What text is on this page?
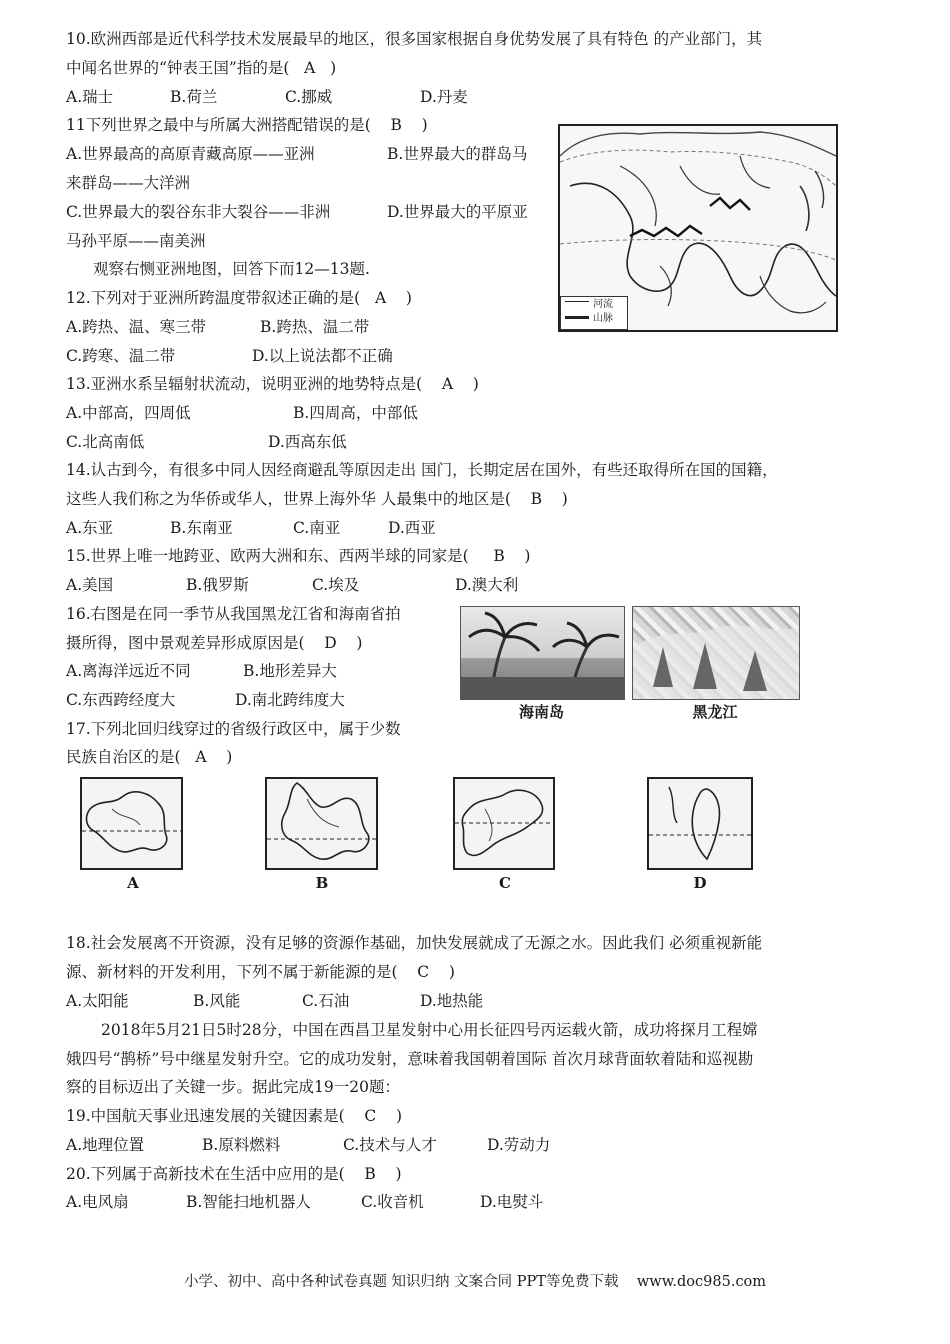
10.欧洲西部是近代科学技术发展最早的地区，很多国家根据自身优势发展了具有特色 的产业部门，其
中闻名世界的“钟表王国”指的是(   A   )
A.瑞士	B.荷兰	C.挪威	D.丹麦
11下列世界之最中与所属大洲搭配错误的是(    B    )
A.世界最高的高原青藏高原——亚洲	B.世界最大的群岛马
来群岛——大洋洲
C.世界最大的裂谷东非大裂谷——非洲	D.世界最大的平原亚
马孙平原——南美洲
观察右恻亚洲地图，回答下而12—13题.
12.下列对于亚洲所跨温度带叙述正确的是(   A    )
A.跨热、温、寒三带	B.跨热、温二带
C.跨寒、温二带	D.以上说法都不正确
13.亚洲水系呈辐射状流动，说明亚洲的地势特点是(    A    )
A.中部高，四周低	B.四周高，中部低
C.北高南低	D.西高东低
14.认古到今，有很多中同人因经商避乱等原因走出 国门，长期定居在国外，有些还取得所在国的国籍，
这些人我们称之为华侨或华人，世界上海外华 人最集中的地区是(    B    )
A.东亚	B.东南亚	C.南亚	D.西亚
15.世界上唯一地跨亚、欧两大洲和东、西两半球的同家是(     B    )
A.美国	B.俄罗斯	C.埃及	D.澳大利
16.右图是在同一季节从我国黑龙江省和海南省拍
摄所得，图中景观差异形成原因是(    D    )
A.离海洋远近不同	B.地形差异大
C.东西跨经度大	D.南北跨纬度大
17.下列北回归线穿过的省级行政区中，属于少数
民族自治区的是(   A    )
18.社会发展离不开资源，没有足够的资源作基础，加快发展就成了无源之水。因此我们 必须重视新能
源、新材料的开发利用，下列不属于新能源的是(    C    )
A.太阳能	B.风能	C.石油	D.地热能
2018年5月21日5时28分，中国在西昌卫星发射中心用长征四号丙运载火箭，成功将探月工程嫦
娥四号“鹊桥”号中继星发射升空。它的成功发射，意味着我国朝着国际 首次月球背面软着陆和巡视勘
察的目标迈出了关键一步。据此完成19一20题：
19.中国航天事业迅速发展的关键因素是(    C    )
A.地理位置	B.原料燃料	C.技术与人才	D.劳动力
20.下列属于高新技术在生活中应用的是(    B    )
A.电风扇	B.智能扫地机器人	C.收音机	D.电熨斗
河流
山脉
海南岛	黑龙江
A	B	C	D
小学、初中、高中各种试卷真题 知识归纳 文案合同 PPT等免费下载    www.doc985.com
